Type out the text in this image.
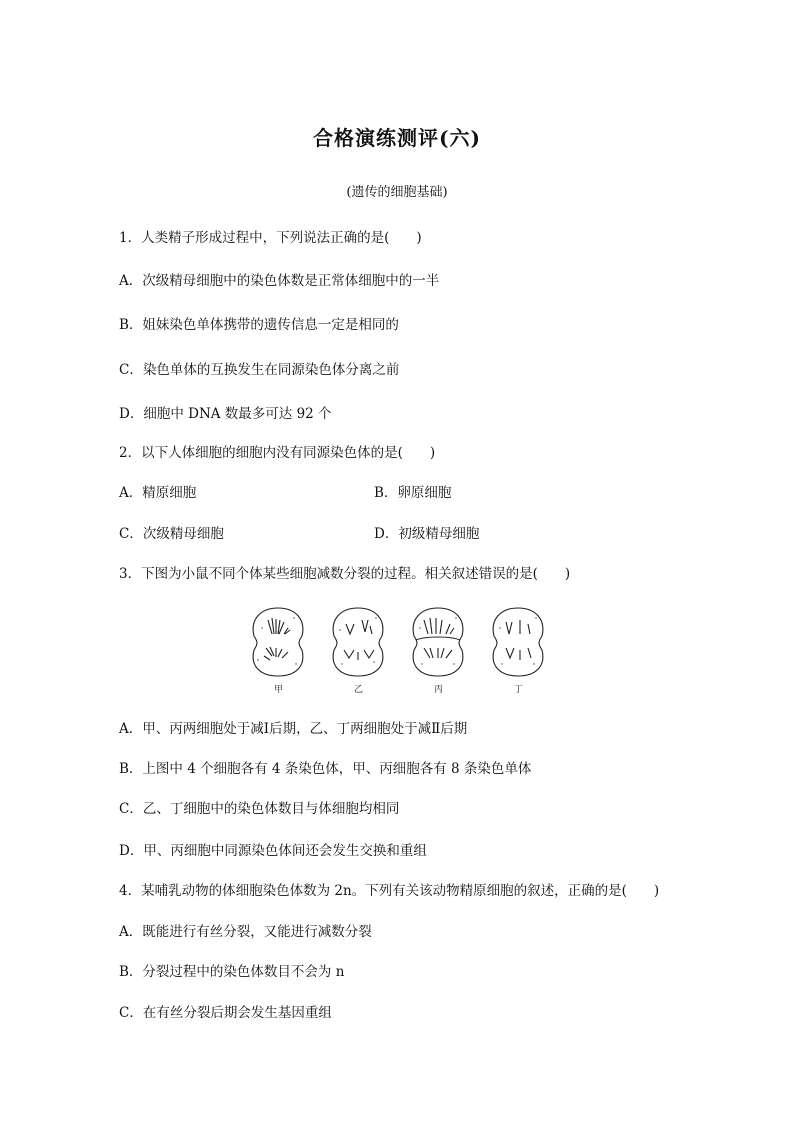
合格演练测评(六)
(遗传的细胞基础)
1．人类精子形成过程中，下列说法正确的是(　　)
A．次级精母细胞中的染色体数是正常体细胞中的一半
B．姐妹染色单体携带的遗传信息一定是相同的
C．染色单体的互换发生在同源染色体分离之前
D．细胞中 DNA 数最多可达 92 个
2．以下人体细胞的细胞内没有同源染色体的是(　　)
A．精原细胞	B．卵原细胞
C．次级精母细胞	D．初级精母细胞
3．下图为小鼠不同个体某些细胞减数分裂的过程。相关叙述错误的是(　　)
甲	乙	丙	丁
A．甲、丙两细胞处于减Ⅰ后期，乙、丁两细胞处于减Ⅱ后期
B．上图中 4 个细胞各有 4 条染色体，甲、丙细胞各有 8 条染色单体
C．乙、丁细胞中的染色体数目与体细胞均相同
D．甲、丙细胞中同源染色体间还会发生交换和重组
4．某哺乳动物的体细胞染色体数为 2n。下列有关该动物精原细胞的叙述，正确的是(　　)
A．既能进行有丝分裂，又能进行减数分裂
B．分裂过程中的染色体数目不会为 n
C．在有丝分裂后期会发生基因重组
